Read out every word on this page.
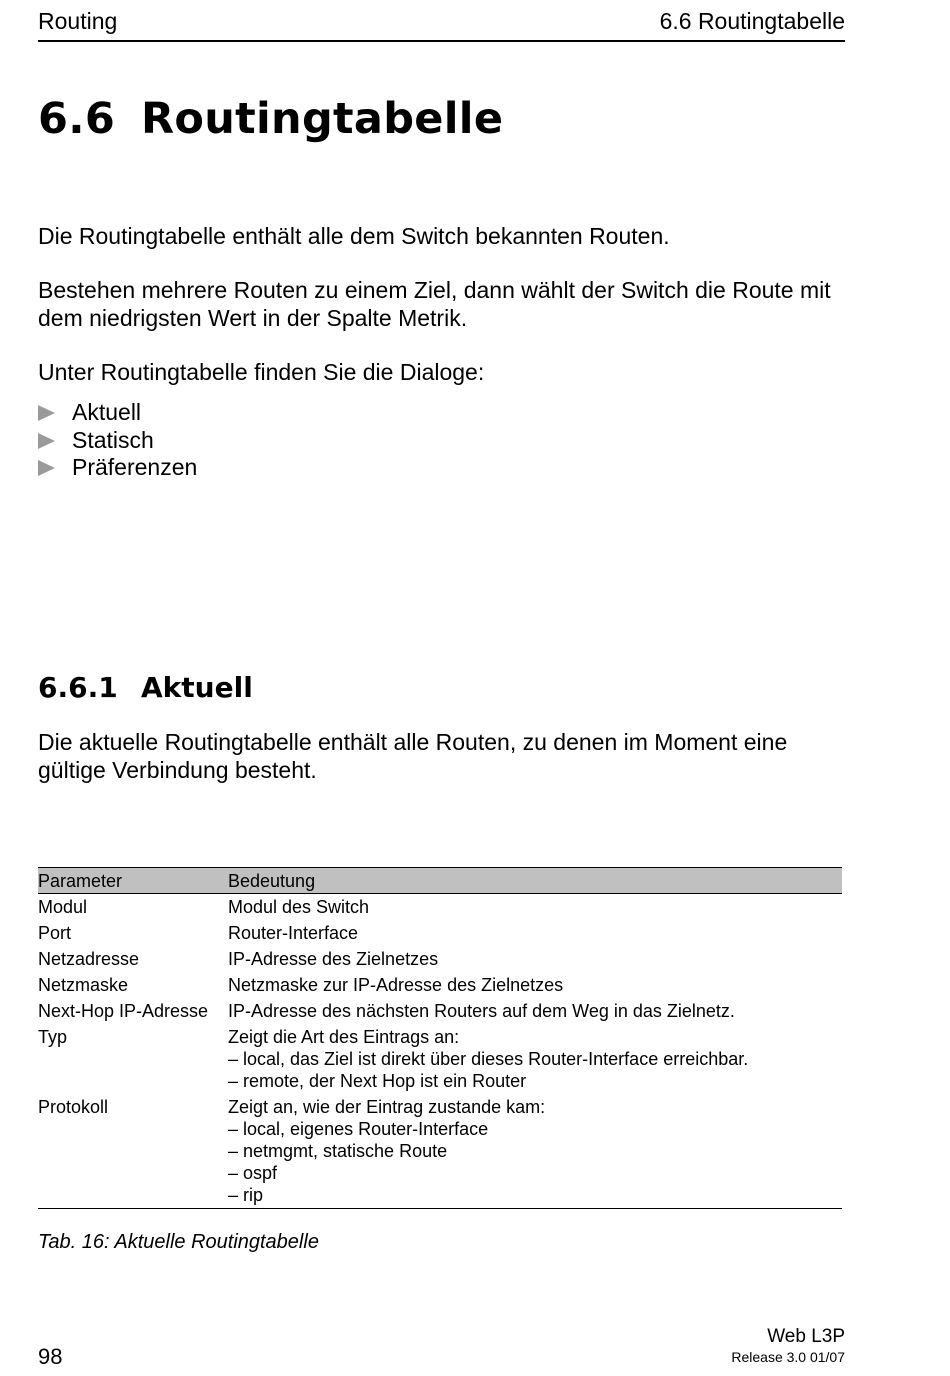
Routing	6.6 Routingtabelle
6.6 Routingtabelle

Die Routingtabelle enthält alle dem Switch bekannten Routen.

Bestehen mehrere Routen zu einem Ziel, dann wählt der Switch die Route mit dem niedrigsten Wert in der Spalte Metrik.

Unter Routingtabelle finden Sie die Dialoge:

Aktuell
Statisch
Präferenzen
6.6.1 Aktuell

Die aktuelle Routingtabelle enthält alle Routen, zu denen im Moment eine gültige Verbindung besteht.

Parameter	Bedeutung
Modul	Modul des Switch

Port	Router-Interface

Netzadresse	IP-Adresse des Zielnetzes

Netzmaske	Netzmaske zur IP-Adresse des Zielnetzes

Next-Hop IP-Adresse	IP-Adresse des nächsten Routers auf dem Weg in das Zielnetz.

Typ	Zeigt die Art des Eintrags an:
– local, das Ziel ist direkt über dieses Router-Interface erreichbar.
– remote, der Next Hop ist ein Router

Protokoll	Zeigt an, wie der Eintrag zustande kam:
– local, eigenes Router-Interface
– netmgmt, statische Route
– ospf
– rip
Tab. 16: Aktuelle Routingtabelle
98
Web L3P
Release 3.0 01/07
